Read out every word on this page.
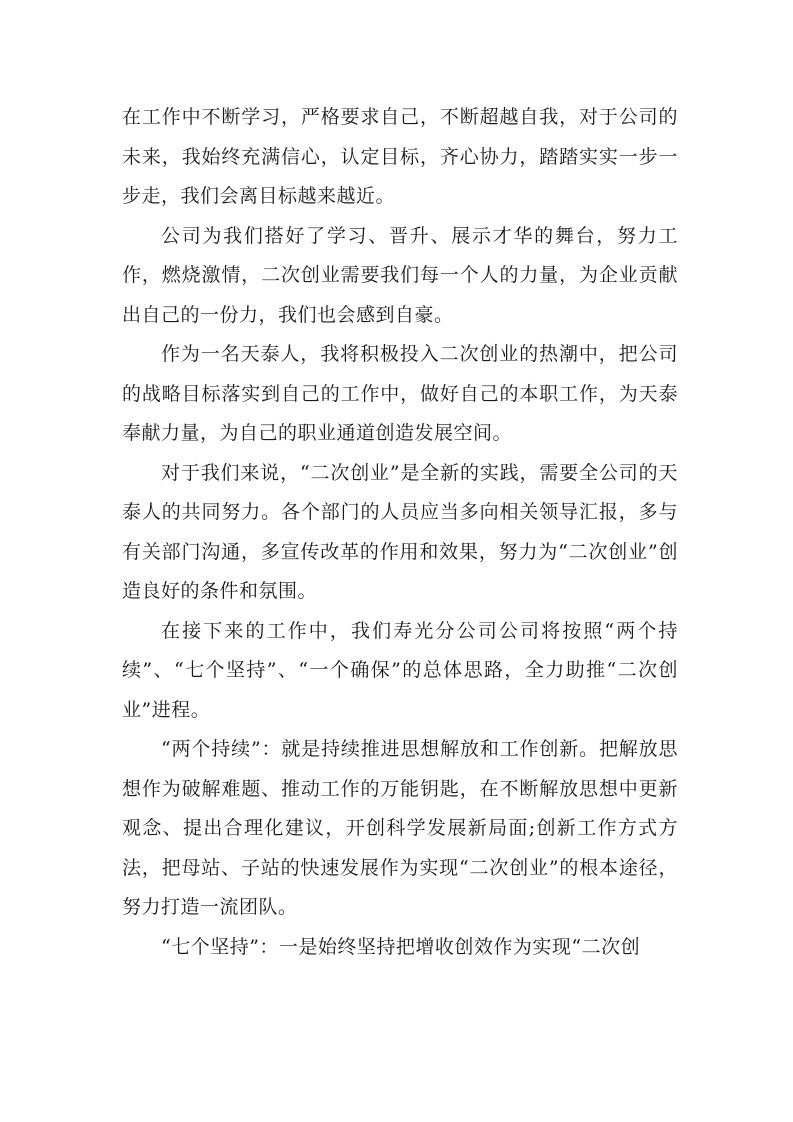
在工作中不断学习，严格要求自己，不断超越自我，对于公司的未来，我始终充满信心，认定目标，齐心协力，踏踏实实一步一步走，我们会离目标越来越近。

公司为我们搭好了学习、晋升、展示才华的舞台，努力工作，燃烧激情，二次创业需要我们每一个人的力量，为企业贡献出自己的一份力，我们也会感到自豪。

作为一名天泰人，我将积极投入二次创业的热潮中，把公司的战略目标落实到自己的工作中，做好自己的本职工作，为天泰奉献力量，为自己的职业通道创造发展空间。

对于我们来说，“二次创业”是全新的实践，需要全公司的天泰人的共同努力。各个部门的人员应当多向相关领导汇报，多与有关部门沟通，多宣传改革的作用和效果，努力为“二次创业”创造良好的条件和氛围。

在接下来的工作中，我们寿光分公司公司将按照“两个持续”、“七个坚持”、“一个确保”的总体思路，全力助推“二次创业”进程。

“两个持续”：就是持续推进思想解放和工作创新。把解放思想作为破解难题、推动工作的万能钥匙，在不断解放思想中更新观念、提出合理化建议，开创科学发展新局面;创新工作方式方法，把母站、子站的快速发展作为实现“二次创业”的根本途径，努力打造一流团队。

“七个坚持”：一是始终坚持把增收创效作为实现“二次创
